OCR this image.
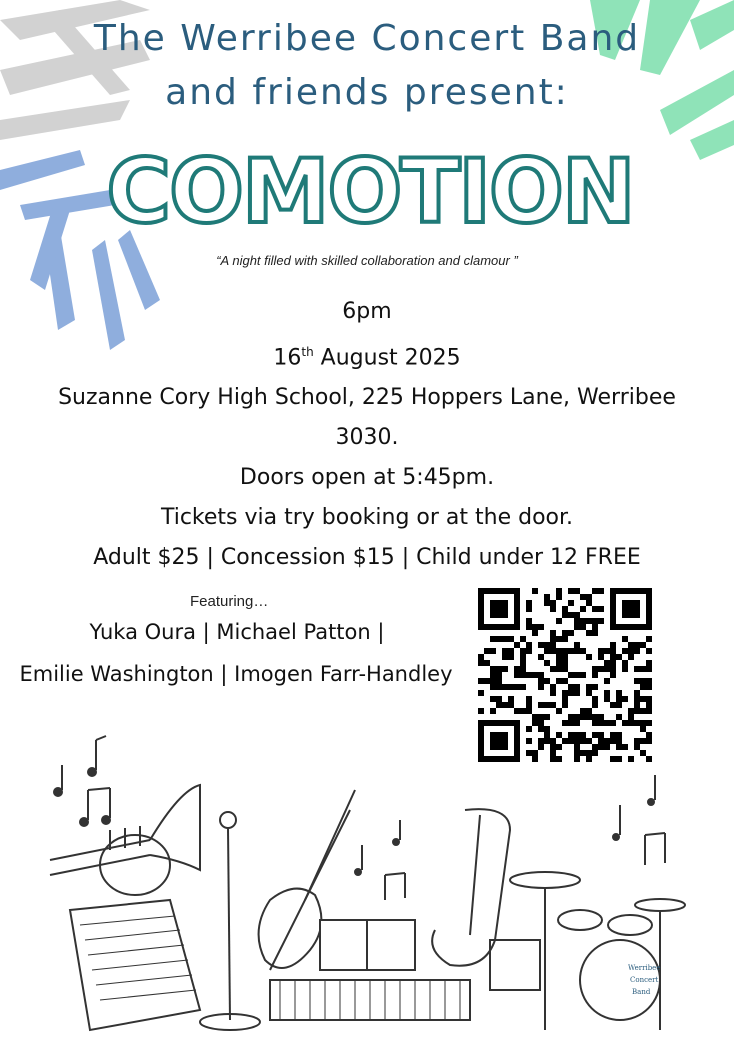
The Werribee Concert Band
and friends present:
COMOTION
“A night filled with skilled collaboration and clamour ”
6pm
16th August 2025
Suzanne Cory High School, 225 Hoppers Lane, Werribee
3030.
Doors open at 5:45pm.
Tickets via try booking or at the door.
Adult $25 | Concession $15 | Child under 12 FREE
Featuring…
Yuka Oura | Michael Patton |
Emilie Washington | Imogen Farr-Handley
Werribee
Concert
Band
